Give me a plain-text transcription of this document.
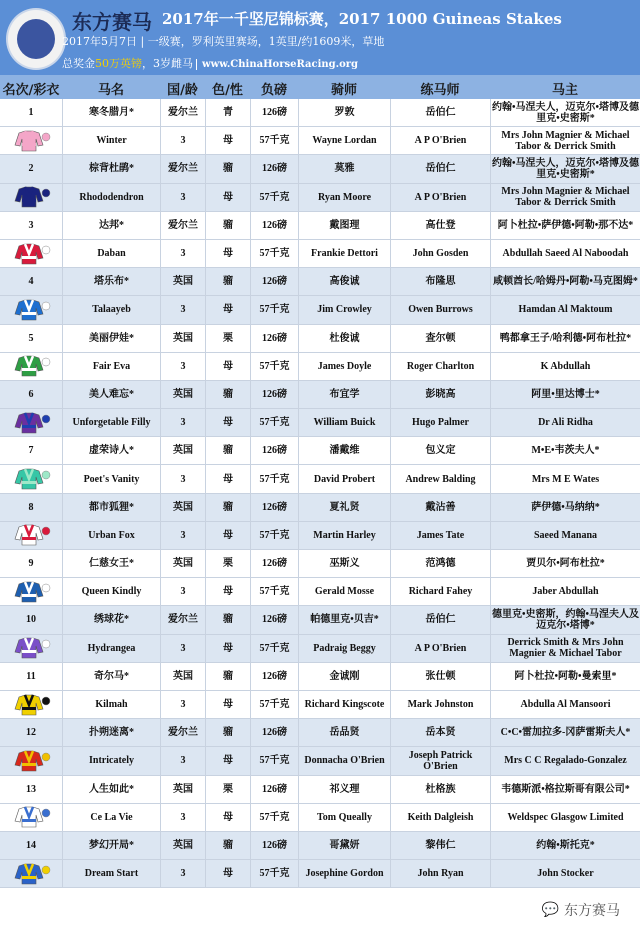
东方赛马 2017年一千坚尼锦标赛，2017 1000 Guineas Stakes
2017年5月7日 | 一级赛，罗利英里赛场，1英里/约1609米，草地
总奖金50万英镑，3岁雌马 www.ChinaHorseRacing.org
名次/彩衣	马名	国/龄	色/性	负磅	骑师	练马师	马主
1	寒冬腊月*	爱尔兰	青	126磅	罗敦	岳伯仁	约翰•马涅夫人，迈克尔•塔博及德里克•史密斯*
Winter	3	母	57千克	Wayne Lordan	A P O'Brien	Mrs John Magnier & Michael Tabor & Derrick Smith
2	棕背杜鹃*	爱尔兰	骝	126磅	莫雅	岳伯仁	约翰•马涅夫人，迈克尔•塔博及德里克•史密斯*
Rhododendron	3	母	57千克	Ryan Moore	A P O'Brien	Mrs John Magnier & Michael Tabor & Derrick Smith
3	达邦*	爱尔兰	骝	126磅	戴图理	高仕登	阿卜杜拉•萨伊德•阿勒•那不达*
Daban	3	母	57千克	Frankie Dettori	John Gosden	Abdullah Saeed Al Naboodah
4	塔乐布*	英国	骝	126磅	高俊诚	布隆思	咸顿酋长/哈姆丹•阿勒•马克图姆*
Talaayeb	3	母	57千克	Jim Crowley	Owen Burrows	Hamdan Al Maktoum
5	美丽伊娃*	英国	栗	126磅	杜俊诚	查尔顿	鸭都拿王子/哈利德•阿布杜拉*
Fair Eva	3	母	57千克	James Doyle	Roger Charlton	K Abdullah
6	美人难忘*	英国	骝	126磅	布宜学	彭晓高	阿里•里达博士*
Unforgetable Filly	3	母	57千克	William Buick	Hugo Palmer	Dr Ali Ridha
7	虚荣诗人*	英国	骝	126磅	潘戴维	包义定	M•E•韦茨夫人*
Poet's Vanity	3	母	57千克	David Probert	Andrew Balding	Mrs M E Wates
8	都市狐狸*	英国	骝	126磅	夏礼贤	戴沾善	萨伊德•马纳纳*
Urban Fox	3	母	57千克	Martin Harley	James Tate	Saeed Manana
9	仁慈女王*	英国	栗	126磅	巫斯义	范鸿德	贾贝尔•阿布杜拉*
Queen Kindly	3	母	57千克	Gerald Mosse	Richard Fahey	Jaber Abdullah
10	绣球花*	爱尔兰	骝	126磅	帕德里克•贝吉*	岳伯仁	德里克•史密斯，约翰•马涅夫人及迈克尔•塔博*
Hydrangea	3	母	57千克	Padraig Beggy	A P O'Brien	Derrick Smith & Mrs John Magnier & Michael Tabor
11	奇尔马*	英国	骝	126磅	金诚刚	张仕顿	阿卜杜拉•阿勒•曼索里*
Kilmah	3	母	57千克	Richard Kingscote	Mark Johnston	Abdulla Al Mansoori
12	扑朔迷离*	爱尔兰	骝	126磅	岳品贤	岳本贤	C•C•雷加拉多-冈萨雷斯夫人*
Intricately	3	母	57千克	Donnacha O'Brien	Joseph Patrick O'Brien	Mrs C C Regalado-Gonzalez
13	人生如此*	英国	栗	126磅	祁义理	杜格族	韦德斯派•格拉斯哥有限公司*
Ce La Vie	3	母	57千克	Tom Queally	Keith Dalgleish	Weldspec Glasgow Limited
14	梦幻开局*	英国	骝	126磅	哥黛妍	黎伟仁	约翰•斯托克*
Dream Start	3	母	57千克	Josephine Gordon	John Ryan	John Stocker
💬 东方赛马
